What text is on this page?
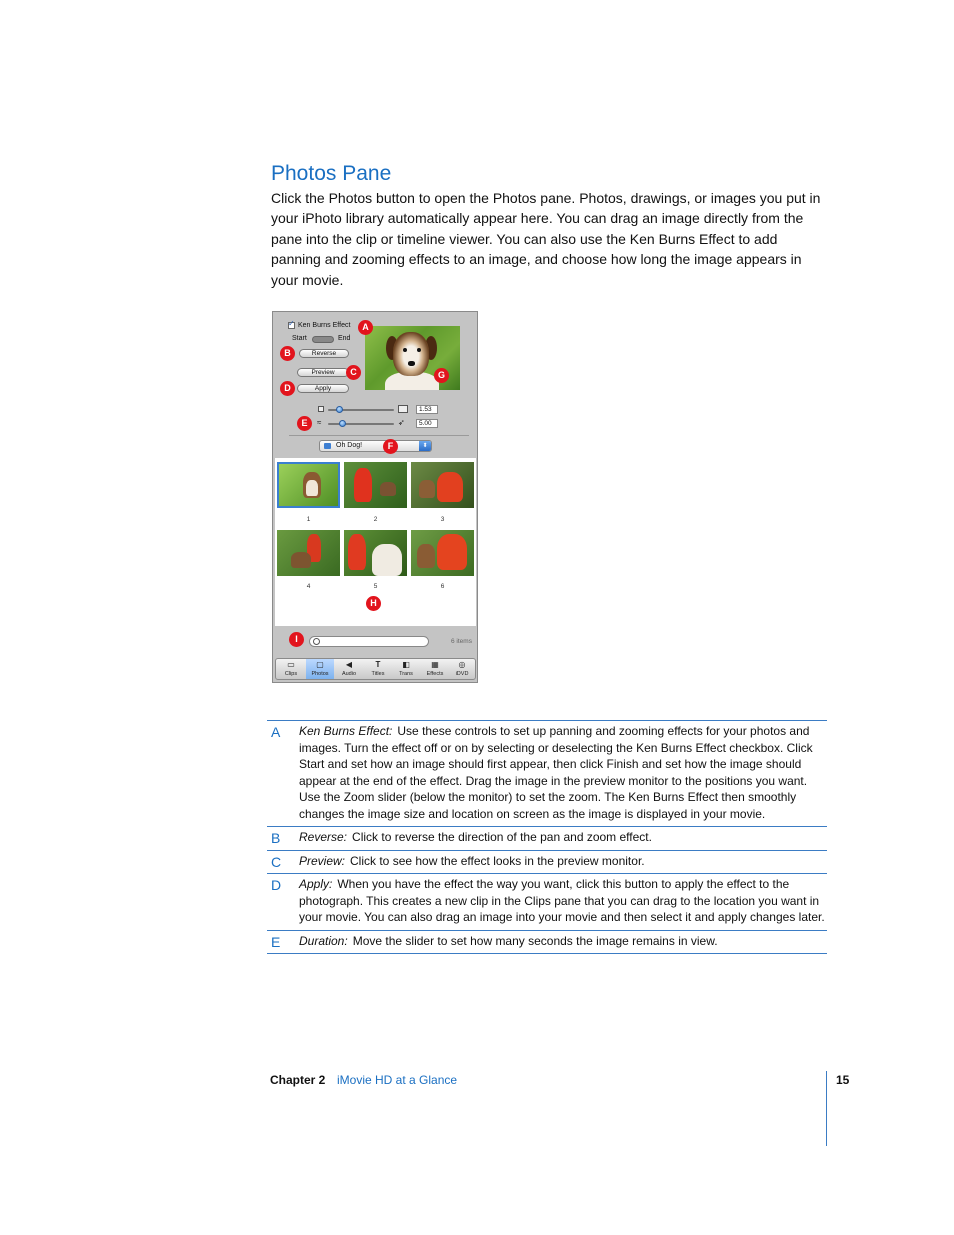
Photos Pane
Click the Photos button to open the Photos pane. Photos, drawings, or images you put in your iPhoto library automatically appear here. You can drag an image directly from the pane into the clip or timeline viewer. You can also use the Ken Burns Effect to add panning and zooming effects to an image, and choose how long the image appears in your movie.
✓
Ken Burns Effect
Start	End
Reverse
Preview
Apply
1.53
≈	➶	5.00
Oh Dog!	⬍
1	2	3
4	5	6
6 items
▭
Clips
▢
Photos
◀
Audio
T
Titles
◧
Trans
▦
Effects
◎
iDVD
A
B
C
D
E
F
G
H
I
A Ken Burns Effect: Use these controls to set up panning and zooming effects for your photos and images. Turn the effect off or on by selecting or deselecting the Ken Burns Effect checkbox. Click Start and set how an image should first appear, then click Finish and set how the image should appear at the end of the effect. Drag the image in the preview monitor to the positions you want. Use the Zoom slider (below the monitor) to set the zoom. The Ken Burns Effect then smoothly changes the image size and location on screen as the image is displayed in your movie.
B Reverse: Click to reverse the direction of the pan and zoom effect.
C Preview: Click to see how the effect looks in the preview monitor.
D Apply: When you have the effect the way you want, click this button to apply the effect to the photograph. This creates a new clip in the Clips pane that you can drag to the location you want in your movie. You can also drag an image into your movie and then select it and apply changes later.
E Duration: Move the slider to set how many seconds the image remains in view.
Chapter 2 iMovie HD at a Glance	15
